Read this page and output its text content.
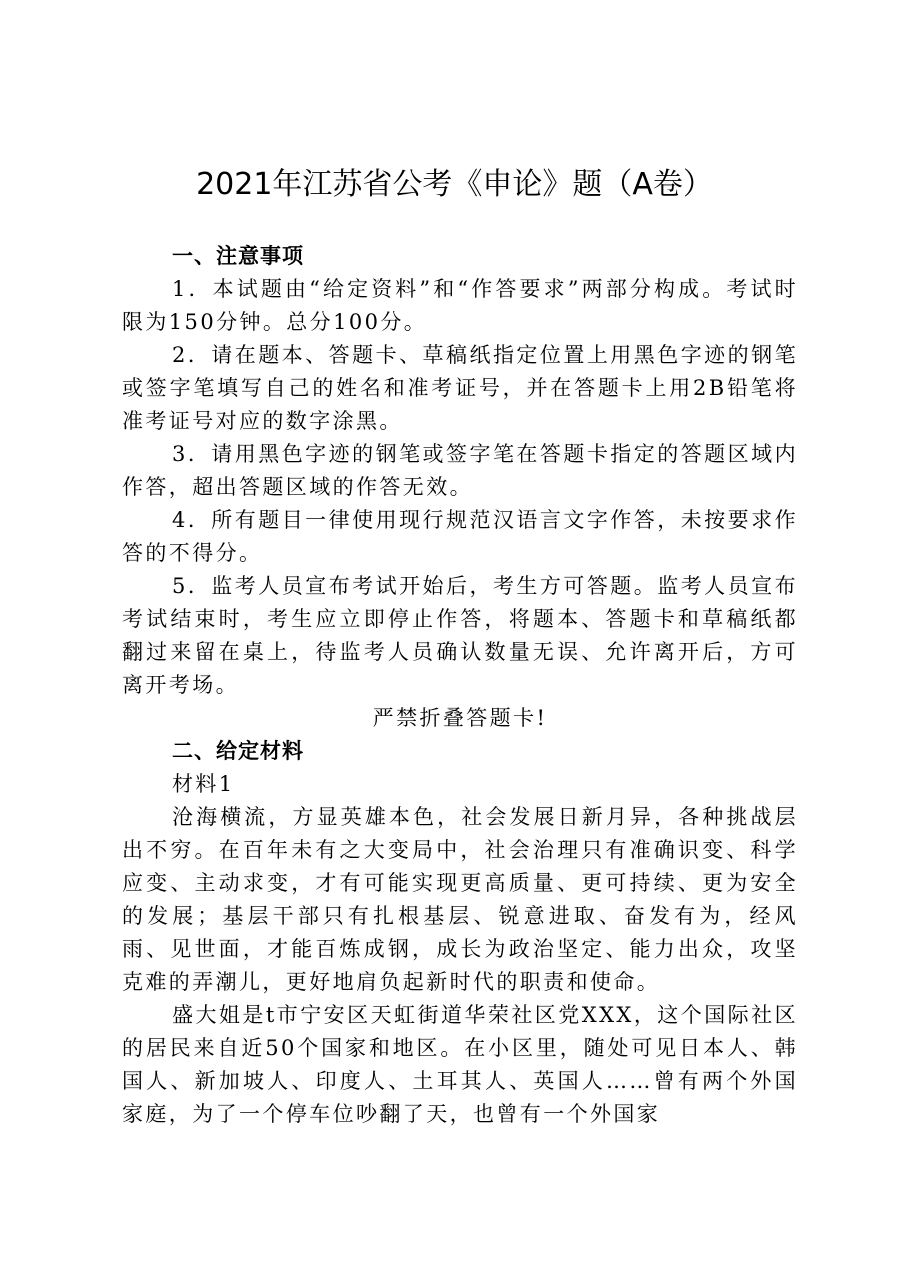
2021年江苏省公考《申论》题（A卷）

一、注意事项

1．本试题由“给定资料”和“作答要求”两部分构成。考试时限为150分钟。总分100分。

2．请在题本、答题卡、草稿纸指定位置上用黑色字迹的钢笔或签字笔填写自己的姓名和准考证号，并在答题卡上用2B铅笔将准考证号对应的数字涂黑。

3．请用黑色字迹的钢笔或签字笔在答题卡指定的答题区域内作答，超出答题区域的作答无效。

4．所有题目一律使用现行规范汉语言文字作答，未按要求作答的不得分。

5．监考人员宣布考试开始后，考生方可答题。监考人员宣布考试结束时，考生应立即停止作答，将题本、答题卡和草稿纸都翻过来留在桌上，待监考人员确认数量无误、允许离开后，方可离开考场。

严禁折叠答题卡!

二、给定材料

材料1

沧海横流，方显英雄本色，社会发展日新月异，各种挑战层出不穷。在百年未有之大变局中，社会治理只有准确识变、科学应变、主动求变，才有可能实现更高质量、更可持续、更为安全的发展；基层干部只有扎根基层、锐意进取、奋发有为，经风雨、见世面，才能百炼成钢，成长为政治坚定、能力出众，攻坚克难的弄潮儿，更好地肩负起新时代的职责和使命。

盛大姐是t市宁安区天虹街道华荣社区党XXX，这个国际社区的居民来自近50个国家和地区。在小区里，随处可见日本人、韩国人、新加坡人、印度人、土耳其人、英国人……曾有两个外国家庭，为了一个停车位吵翻了天，也曾有一个外国家
